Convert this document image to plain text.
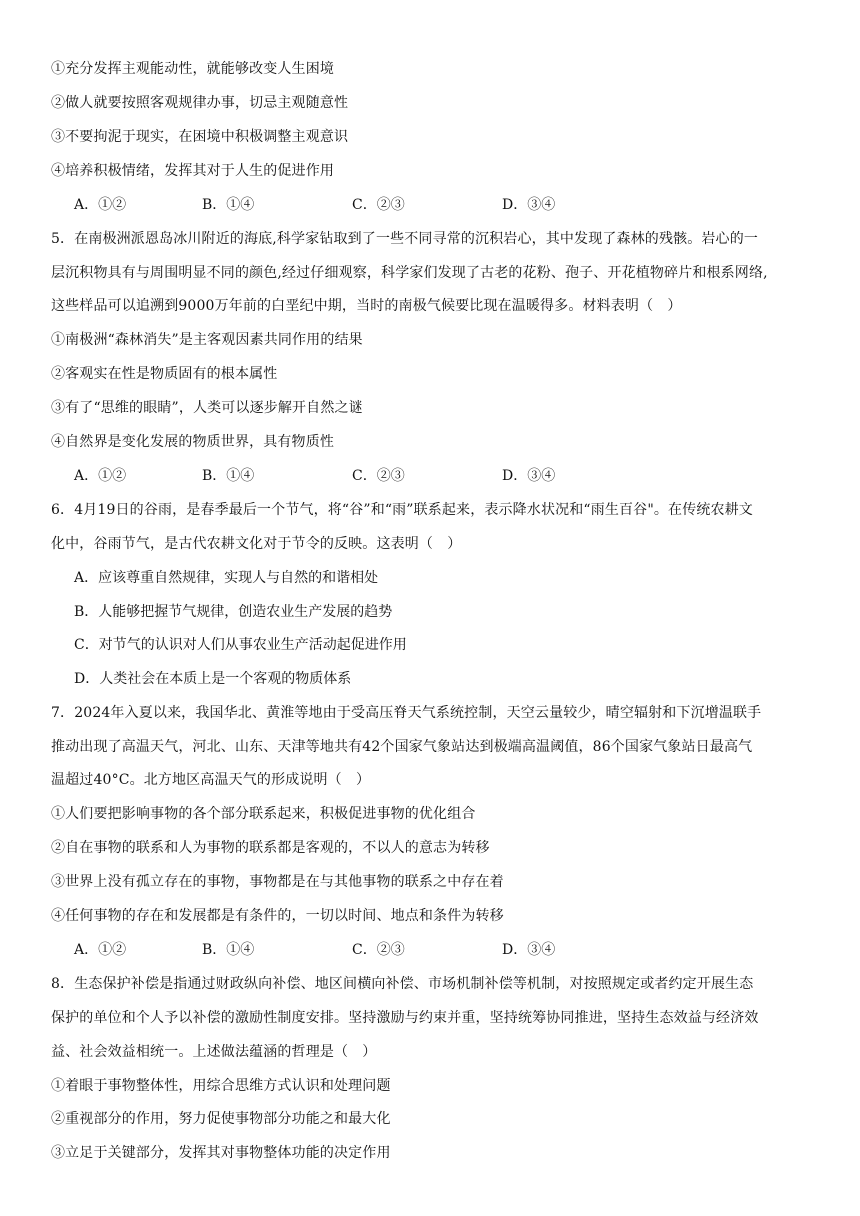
①充分发挥主观能动性，就能够改变人生困境
②做人就要按照客观规律办事，切忌主观随意性
③不要拘泥于现实，在困境中积极调整主观意识
④培养积极情绪，发挥其对于人生的促进作用
A．①②	B．①④	C．②③	D．③④
5．在南极洲派恩岛冰川附近的海底,科学家钻取到了一些不同寻常的沉积岩心，其中发现了森林的残骸。岩心的一
层沉积物具有与周围明显不同的颜色,经过仔细观察，科学家们发现了古老的花粉、孢子、开花植物碎片和根系网络,
这些样品可以追溯到9000万年前的白垩纪中期，当时的南极气候要比现在温暖得多。材料表明（　）
①南极洲“森林消失”是主客观因素共同作用的结果
②客观实在性是物质固有的根本属性
③有了“思维的眼睛”，人类可以逐步解开自然之谜
④自然界是变化发展的物质世界，具有物质性
A．①②	B．①④	C．②③	D．③④
6．4月19日的谷雨，是春季最后一个节气，将“谷”和“雨”联系起来，表示降水状况和“雨生百谷"。在传统农耕文
化中，谷雨节气，是古代农耕文化对于节令的反映。这表明（　）
A．应该尊重自然规律，实现人与自然的和谐相处
B．人能够把握节气规律，创造农业生产发展的趋势
C．对节气的认识对人们从事农业生产活动起促进作用
D．人类社会在本质上是一个客观的物质体系
7．2024年入夏以来，我国华北、黄淮等地由于受高压脊天气系统控制，天空云量较少，晴空辐射和下沉增温联手
推动出现了高温天气，河北、山东、天津等地共有42个国家气象站达到极端高温阈值，86个国家气象站日最高气
温超过40°C。北方地区高温天气的形成说明（　）
①人们要把影响事物的各个部分联系起来，积极促进事物的优化组合
②自在事物的联系和人为事物的联系都是客观的，不以人的意志为转移
③世界上没有孤立存在的事物，事物都是在与其他事物的联系之中存在着
④任何事物的存在和发展都是有条件的，一切以时间、地点和条件为转移
A．①②	B．①④	C．②③	D．③④
8．生态保护补偿是指通过财政纵向补偿、地区间横向补偿、市场机制补偿等机制，对按照规定或者约定开展生态
保护的单位和个人予以补偿的激励性制度安排。坚持激励与约束并重，坚持统筹协同推进，坚持生态效益与经济效
益、社会效益相统一。上述做法蕴涵的哲理是（　）
①着眼于事物整体性，用综合思维方式认识和处理问题
②重视部分的作用，努力促使事物部分功能之和最大化
③立足于关键部分，发挥其对事物整体功能的决定作用
